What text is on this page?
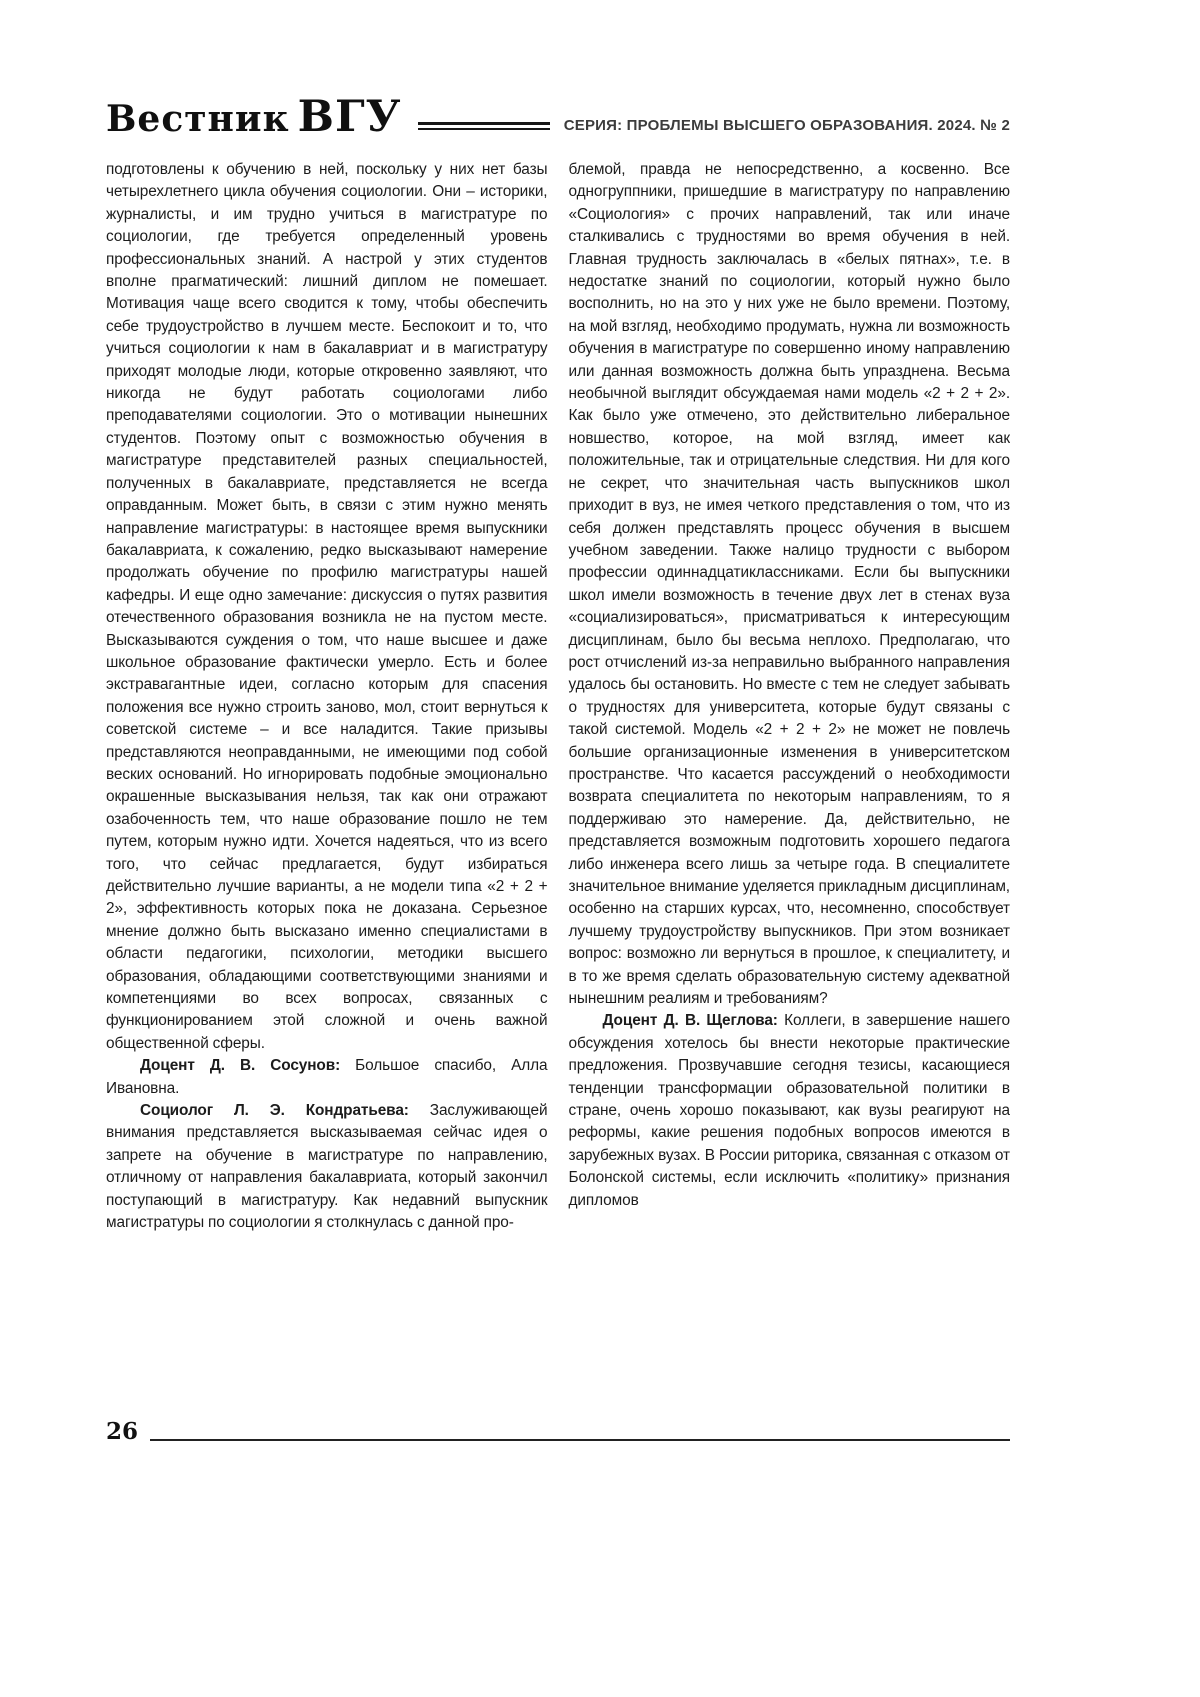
Вестник ВГУ	СЕРИЯ: ПРОБЛЕМЫ ВЫСШЕГО ОБРАЗОВАНИЯ. 2024. № 2

подготовлены к обучению в ней, поскольку у них нет базы четырехлетнего цикла обучения социологии. Они – историки, журналисты, и им трудно учиться в магистратуре по социологии, где требуется определенный уровень профессиональных знаний. А настрой у этих студентов вполне прагматический: лишний диплом не помешает. Мотивация чаще всего сводится к тому, чтобы обеспечить себе трудоустройство в лучшем месте. Беспокоит и то, что учиться социологии к нам в бакалавриат и в магистратуру приходят молодые люди, которые откровенно заявляют, что никогда не будут работать социологами либо преподавателями социологии. Это о мотивации нынешних студентов. Поэтому опыт с возможностью обучения в магистратуре представителей разных специальностей, полученных в бакалавриате, представляется не всегда оправданным. Может быть, в связи с этим нужно менять направление магистратуры: в настоящее время выпускники бакалавриата, к сожалению, редко высказывают намерение продолжать обучение по профилю магистратуры нашей кафедры. И еще одно замечание: дискуссия о путях развития отечественного образования возникла не на пустом месте. Высказываются суждения о том, что наше высшее и даже школьное образование фактически умерло. Есть и более экстравагантные идеи, согласно которым для спасения положения все нужно строить заново, мол, стоит вернуться к советской системе – и все наладится. Такие призывы представляются неоправданными, не имеющими под собой веских оснований. Но игнорировать подобные эмоционально окрашенные высказывания нельзя, так как они отражают озабоченность тем, что наше образование пошло не тем путем, которым нужно идти. Хочется надеяться, что из всего того, что сейчас предлагается, будут избираться действительно лучшие варианты, а не модели типа «2 + 2 + 2», эффективность которых пока не доказана. Серьезное мнение должно быть высказано именно специалистами в области педагогики, психологии, методики высшего образования, обладающими соответствующими знаниями и компетенциями во всех вопросах, связанных с функционированием этой сложной и очень важной общественной сферы.

Доцент Д. В. Сосунов: Большое спасибо, Алла Ивановна.

Социолог Л. Э. Кондратьева: Заслуживающей внимания представляется высказываемая сейчас идея о запрете на обучение в магистратуре по направлению, отличному от направления бакалавриата, который закончил поступающий в магистратуру. Как недавний выпускник магистратуры по социологии я столкнулась с данной про-

блемой, правда не непосредственно, а косвенно. Все одногруппники, пришедшие в магистратуру по направлению «Социология» с прочих направлений, так или иначе сталкивались с трудностями во время обучения в ней. Главная трудность заключалась в «белых пятнах», т.е. в недостатке знаний по социологии, который нужно было восполнить, но на это у них уже не было времени. Поэтому, на мой взгляд, необходимо продумать, нужна ли возможность обучения в магистратуре по совершенно иному направлению или данная возможность должна быть упразднена. Весьма необычной выглядит обсуждаемая нами модель «2 + 2 + 2». Как было уже отмечено, это действительно либеральное новшество, которое, на мой взгляд, имеет как положительные, так и отрицательные следствия. Ни для кого не секрет, что значительная часть выпускников школ приходит в вуз, не имея четкого представления о том, что из себя должен представлять процесс обучения в высшем учебном заведении. Также налицо трудности с выбором профессии одиннадцатиклассниками. Если бы выпускники школ имели возможность в течение двух лет в стенах вуза «социализироваться», присматриваться к интересующим дисциплинам, было бы весьма неплохо. Предполагаю, что рост отчислений из-за неправильно выбранного направления удалось бы остановить. Но вместе с тем не следует забывать о трудностях для университета, которые будут связаны с такой системой. Модель «2 + 2 + 2» не может не повлечь большие организационные изменения в университетском пространстве. Что касается рассуждений о необходимости возврата специалитета по некоторым направлениям, то я поддерживаю это намерение. Да, действительно, не представляется возможным подготовить хорошего педагога либо инженера всего лишь за четыре года. В специалитете значительное внимание уделяется прикладным дисциплинам, особенно на старших курсах, что, несомненно, способствует лучшему трудоустройству выпускников. При этом возникает вопрос: возможно ли вернуться в прошлое, к специалитету, и в то же время сделать образовательную систему адекватной нынешним реалиям и требованиям?

Доцент Д. В. Щеглова: Коллеги, в завершение нашего обсуждения хотелось бы внести некоторые практические предложения. Прозвучавшие сегодня тезисы, касающиеся тенденции трансформации образовательной политики в стране, очень хорошо показывают, как вузы реагируют на реформы, какие решения подобных вопросов имеются в зарубежных вузах. В России риторика, связанная с отказом от Болонской системы, если исключить «политику» признания дипломов

26
